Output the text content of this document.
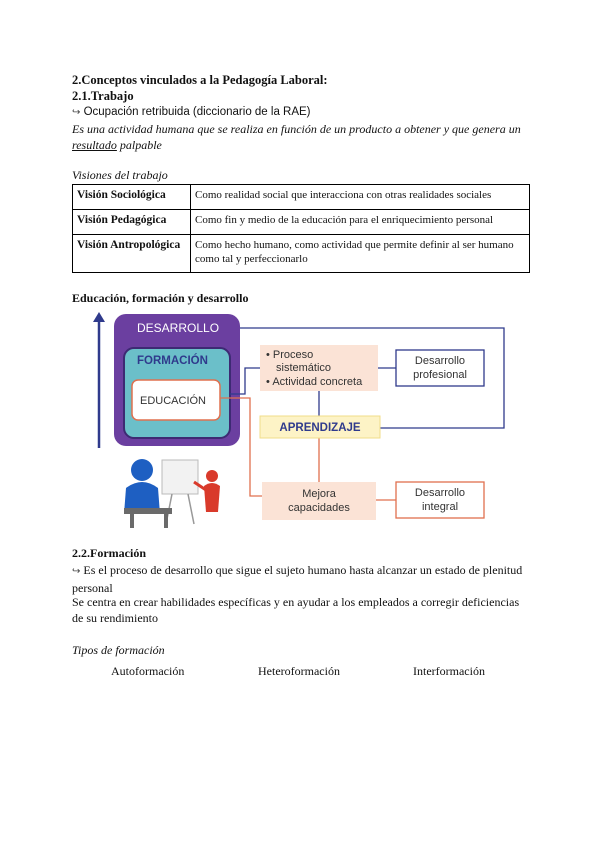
2.Conceptos vinculados a la Pedagogía Laboral:
2.1.Trabajo
↪ Ocupación retribuida (diccionario de la RAE)
Es una actividad humana que se realiza en función de un producto a obtener y que genera un
resultado palpable
Visiones del trabajo
Visión Sociológica	Como realidad social que interacciona con otras realidades sociales
Visión Pedagógica	Como fin y medio de la educación para el enriquecimiento personal
Visión Antropológica	Como hecho humano, como actividad que permite definir al ser humano como tal y perfeccionarlo
Educación, formación y desarrollo
DESARROLLO
FORMACIÓN
EDUCACIÓN
• Proceso
sistemático
• Actividad concreta
Desarrollo
profesional
APRENDIZAJE
Mejora
capacidades
Desarrollo
integral
2.2.Formación
↪ Es el proceso de desarrollo que sigue el sujeto humano hasta alcanzar un estado de plenitud
personal
Se centra en crear habilidades específicas y en ayudar a los empleados a corregir deficiencias
de su rendimiento
Tipos de formación
Autoformación	Heteroformación	Interformación
